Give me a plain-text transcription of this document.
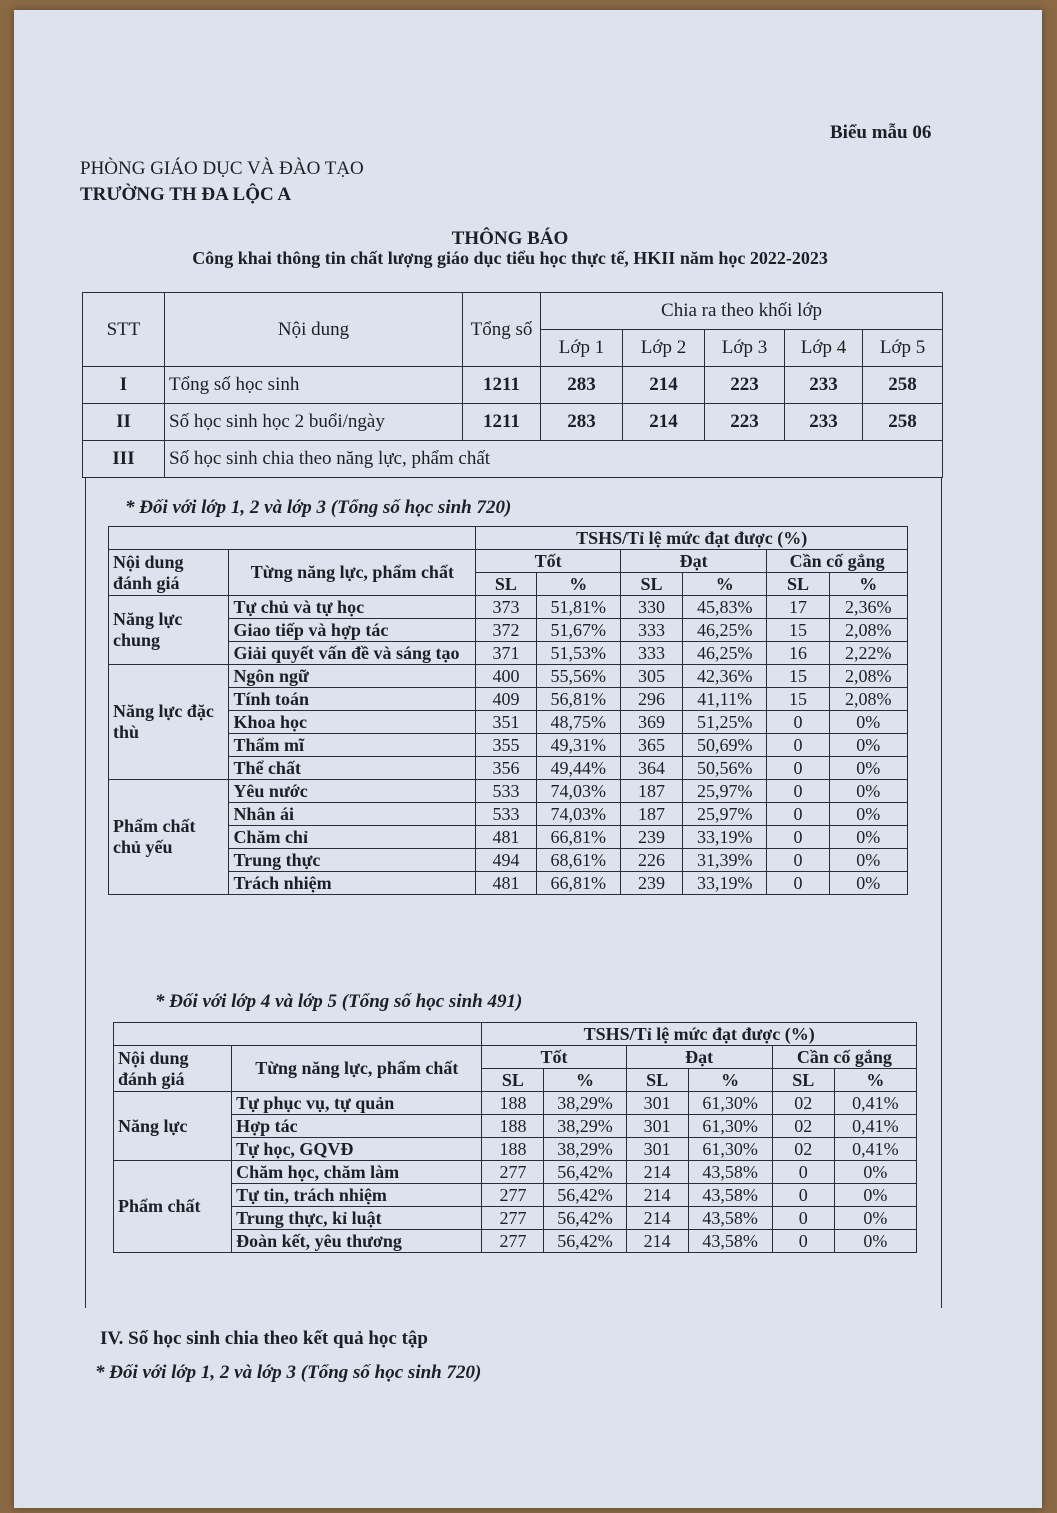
Biểu mẫu 06
PHÒNG GIÁO DỤC VÀ ĐÀO TẠO
TRƯỜNG TH ĐA LỘC A
THÔNG BÁO
Công khai thông tin chất lượng giáo dục tiểu học thực tế, HKII năm học 2022-2023
STT	Nội dung	Tổng số	Chia ra theo khối lớp				
			Lớp 1	Lớp 2	Lớp 3	Lớp 4	Lớp 5
I	Tổng số học sinh	1211	283	214	223	233	258
II	Số học sinh học 2 buổi/ngày	1211	283	214	223	233	258
III	Số học sinh chia theo năng lực, phẩm chất						
* Đối với lớp 1, 2 và lớp 3 (Tổng số học sinh 720)
		TSHS/Tỉ lệ mức đạt được (%)					
Nội dung đánh giá	Từng năng lực, phẩm chất	Tốt		Đạt		Cần cố gắng	
		SL	%	SL	%	SL	%
Năng lực chung	Tự chủ và tự học	373	51,81%	330	45,83%	17	2,36%
	Giao tiếp và hợp tác	372	51,67%	333	46,25%	15	2,08%
	Giải quyết vấn đề và sáng tạo	371	51,53%	333	46,25%	16	2,22%
Năng lực đặc thù	Ngôn ngữ	400	55,56%	305	42,36%	15	2,08%
	Tính toán	409	56,81%	296	41,11%	15	2,08%
	Khoa học	351	48,75%	369	51,25%	0	0%
	Thẩm mĩ	355	49,31%	365	50,69%	0	0%
	Thể chất	356	49,44%	364	50,56%	0	0%
Phẩm chất chủ yếu	Yêu nước	533	74,03%	187	25,97%	0	0%
	Nhân ái	533	74,03%	187	25,97%	0	0%
	Chăm chỉ	481	66,81%	239	33,19%	0	0%
	Trung thực	494	68,61%	226	31,39%	0	0%
	Trách nhiệm	481	66,81%	239	33,19%	0	0%
* Đối với lớp 4 và lớp 5 (Tổng số học sinh 491)
		TSHS/Tỉ lệ mức đạt được (%)					
Nội dung đánh giá	Từng năng lực, phẩm chất	Tốt		Đạt		Cần cố gắng	
		SL	%	SL	%	SL	%
Năng lực	Tự phục vụ, tự quản	188	38,29%	301	61,30%	02	0,41%
	Hợp tác	188	38,29%	301	61,30%	02	0,41%
	Tự học, GQVĐ	188	38,29%	301	61,30%	02	0,41%
Phẩm chất	Chăm học, chăm làm	277	56,42%	214	43,58%	0	0%
	Tự tin, trách nhiệm	277	56,42%	214	43,58%	0	0%
	Trung thực, kỉ luật	277	56,42%	214	43,58%	0	0%
	Đoàn kết, yêu thương	277	56,42%	214	43,58%	0	0%
IV. Số học sinh chia theo kết quả học tập
* Đối với lớp 1, 2 và lớp 3 (Tổng số học sinh 720)
